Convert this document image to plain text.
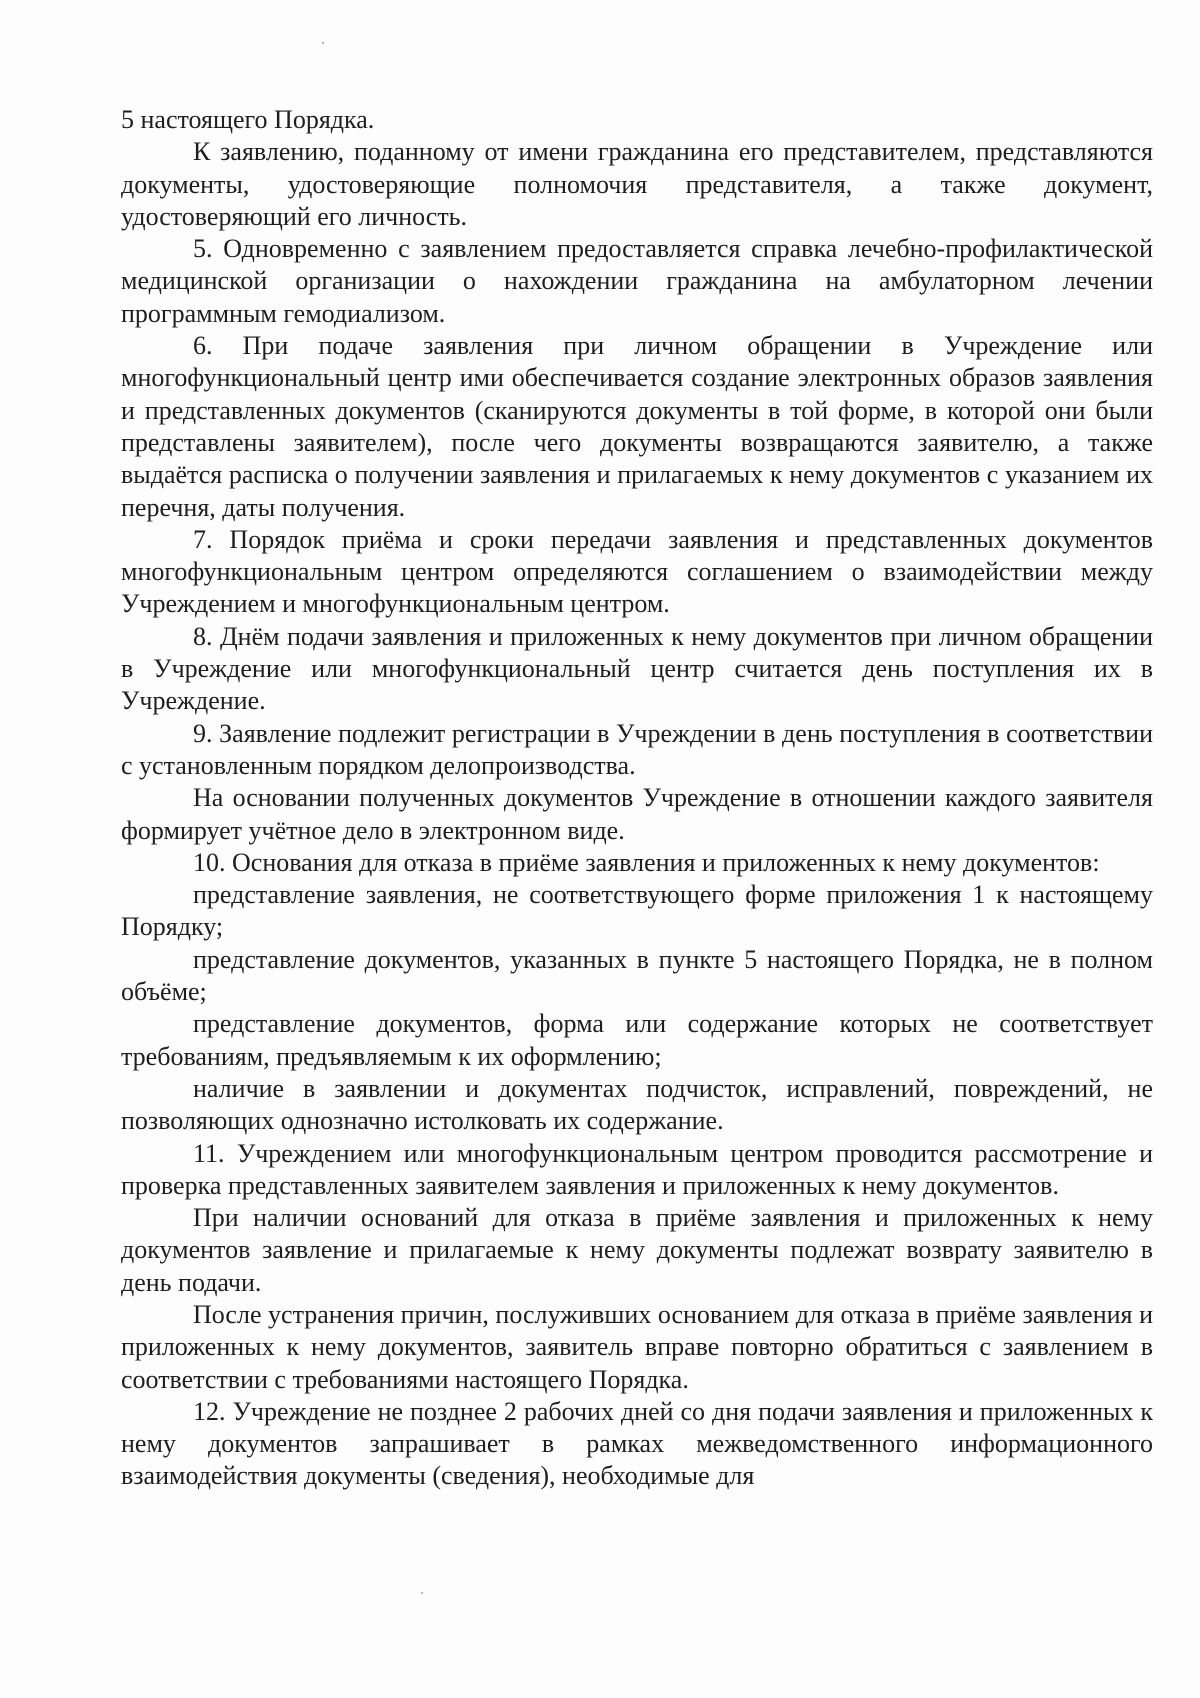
5 настоящего Порядка.

К заявлению, поданному от имени гражданина его представителем, представляются документы, удостоверяющие полномочия представителя, а также документ, удостоверяющий его личность.

5. Одновременно с заявлением предоставляется справка лечебно-профилактической медицинской организации о нахождении гражданина на амбулаторном лечении программным гемодиализом.

6. При подаче заявления при личном обращении в Учреждение или многофункциональный центр ими обеспечивается создание электронных образов заявления и представленных документов (сканируются документы в той форме, в которой они были представлены заявителем), после чего документы возвращаются заявителю, а также выдаётся расписка о получении заявления и прилагаемых к нему документов с указанием их перечня, даты получения.

7. Порядок приёма и сроки передачи заявления и представленных документов многофункциональным центром определяются соглашением о взаимодействии между Учреждением и многофункциональным центром.

8. Днём подачи заявления и приложенных к нему документов при личном обращении в Учреждение или многофункциональный центр считается день поступления их в Учреждение.

9. Заявление подлежит регистрации в Учреждении в день поступления в соответствии с установленным порядком делопроизводства.

На основании полученных документов Учреждение в отношении каждого заявителя формирует учётное дело в электронном виде.

10. Основания для отказа в приёме заявления и приложенных к нему документов:

представление заявления, не соответствующего форме приложения 1 к настоящему Порядку;

представление документов, указанных в пункте 5 настоящего Порядка, не в полном объёме;

представление документов, форма или содержание которых не соответствует требованиям, предъявляемым к их оформлению;

наличие в заявлении и документах подчисток, исправлений, повреждений, не позволяющих однозначно истолковать их содержание.

11. Учреждением или многофункциональным центром проводится рассмотрение и проверка представленных заявителем заявления и приложенных к нему документов.

При наличии оснований для отказа в приёме заявления и приложенных к нему документов заявление и прилагаемые к нему документы подлежат возврату заявителю в день подачи.

После устранения причин, послуживших основанием для отказа в приёме заявления и приложенных к нему документов, заявитель вправе повторно обратиться с заявлением в соответствии с требованиями настоящего Порядка.

12. Учреждение не позднее 2 рабочих дней со дня подачи заявления и приложенных к нему документов запрашивает в рамках межведомственного информационного взаимодействия документы (сведения), необходимые для
